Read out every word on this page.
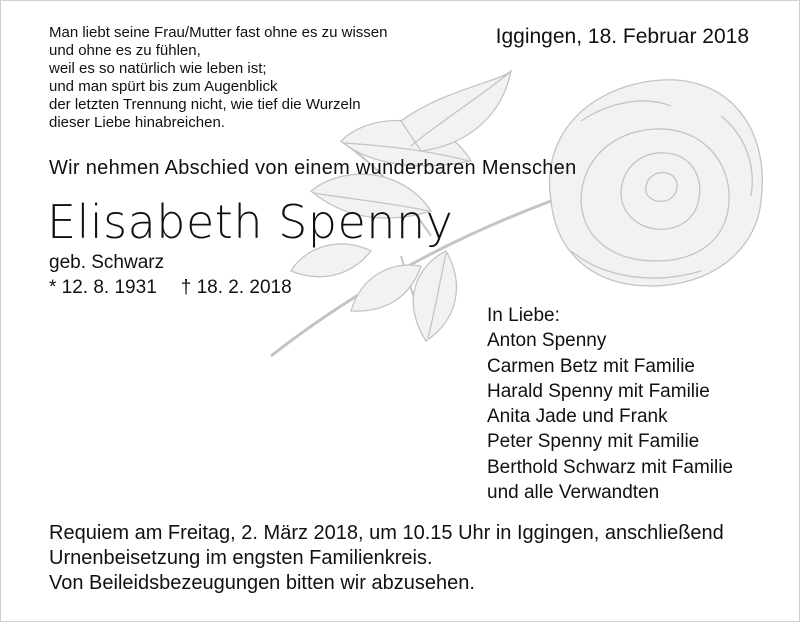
Man liebt seine Frau/Mutter fast ohne es zu wissen
und ohne es zu fühlen,
weil es so natürlich wie leben ist;
und man spürt bis zum Augenblick
der letzten Trennung nicht, wie tief die Wurzeln
dieser Liebe hinabreichen.
Iggingen, 18. Februar 2018
Wir nehmen Abschied von einem wunderbaren Menschen
Elisabeth Spenny
geb. Schwarz
* 12. 8. 1931 † 18. 2. 2018
In Liebe:
Anton Spenny
Carmen Betz mit Familie
Harald Spenny mit Familie
Anita Jade und Frank
Peter Spenny mit Familie
Berthold Schwarz mit Familie
und alle Verwandten
Requiem am Freitag, 2. März 2018, um 10.15 Uhr in Iggingen, anschließend
Urnenbeisetzung im engsten Familienkreis.
Von Beileidsbezeugungen bitten wir abzusehen.
